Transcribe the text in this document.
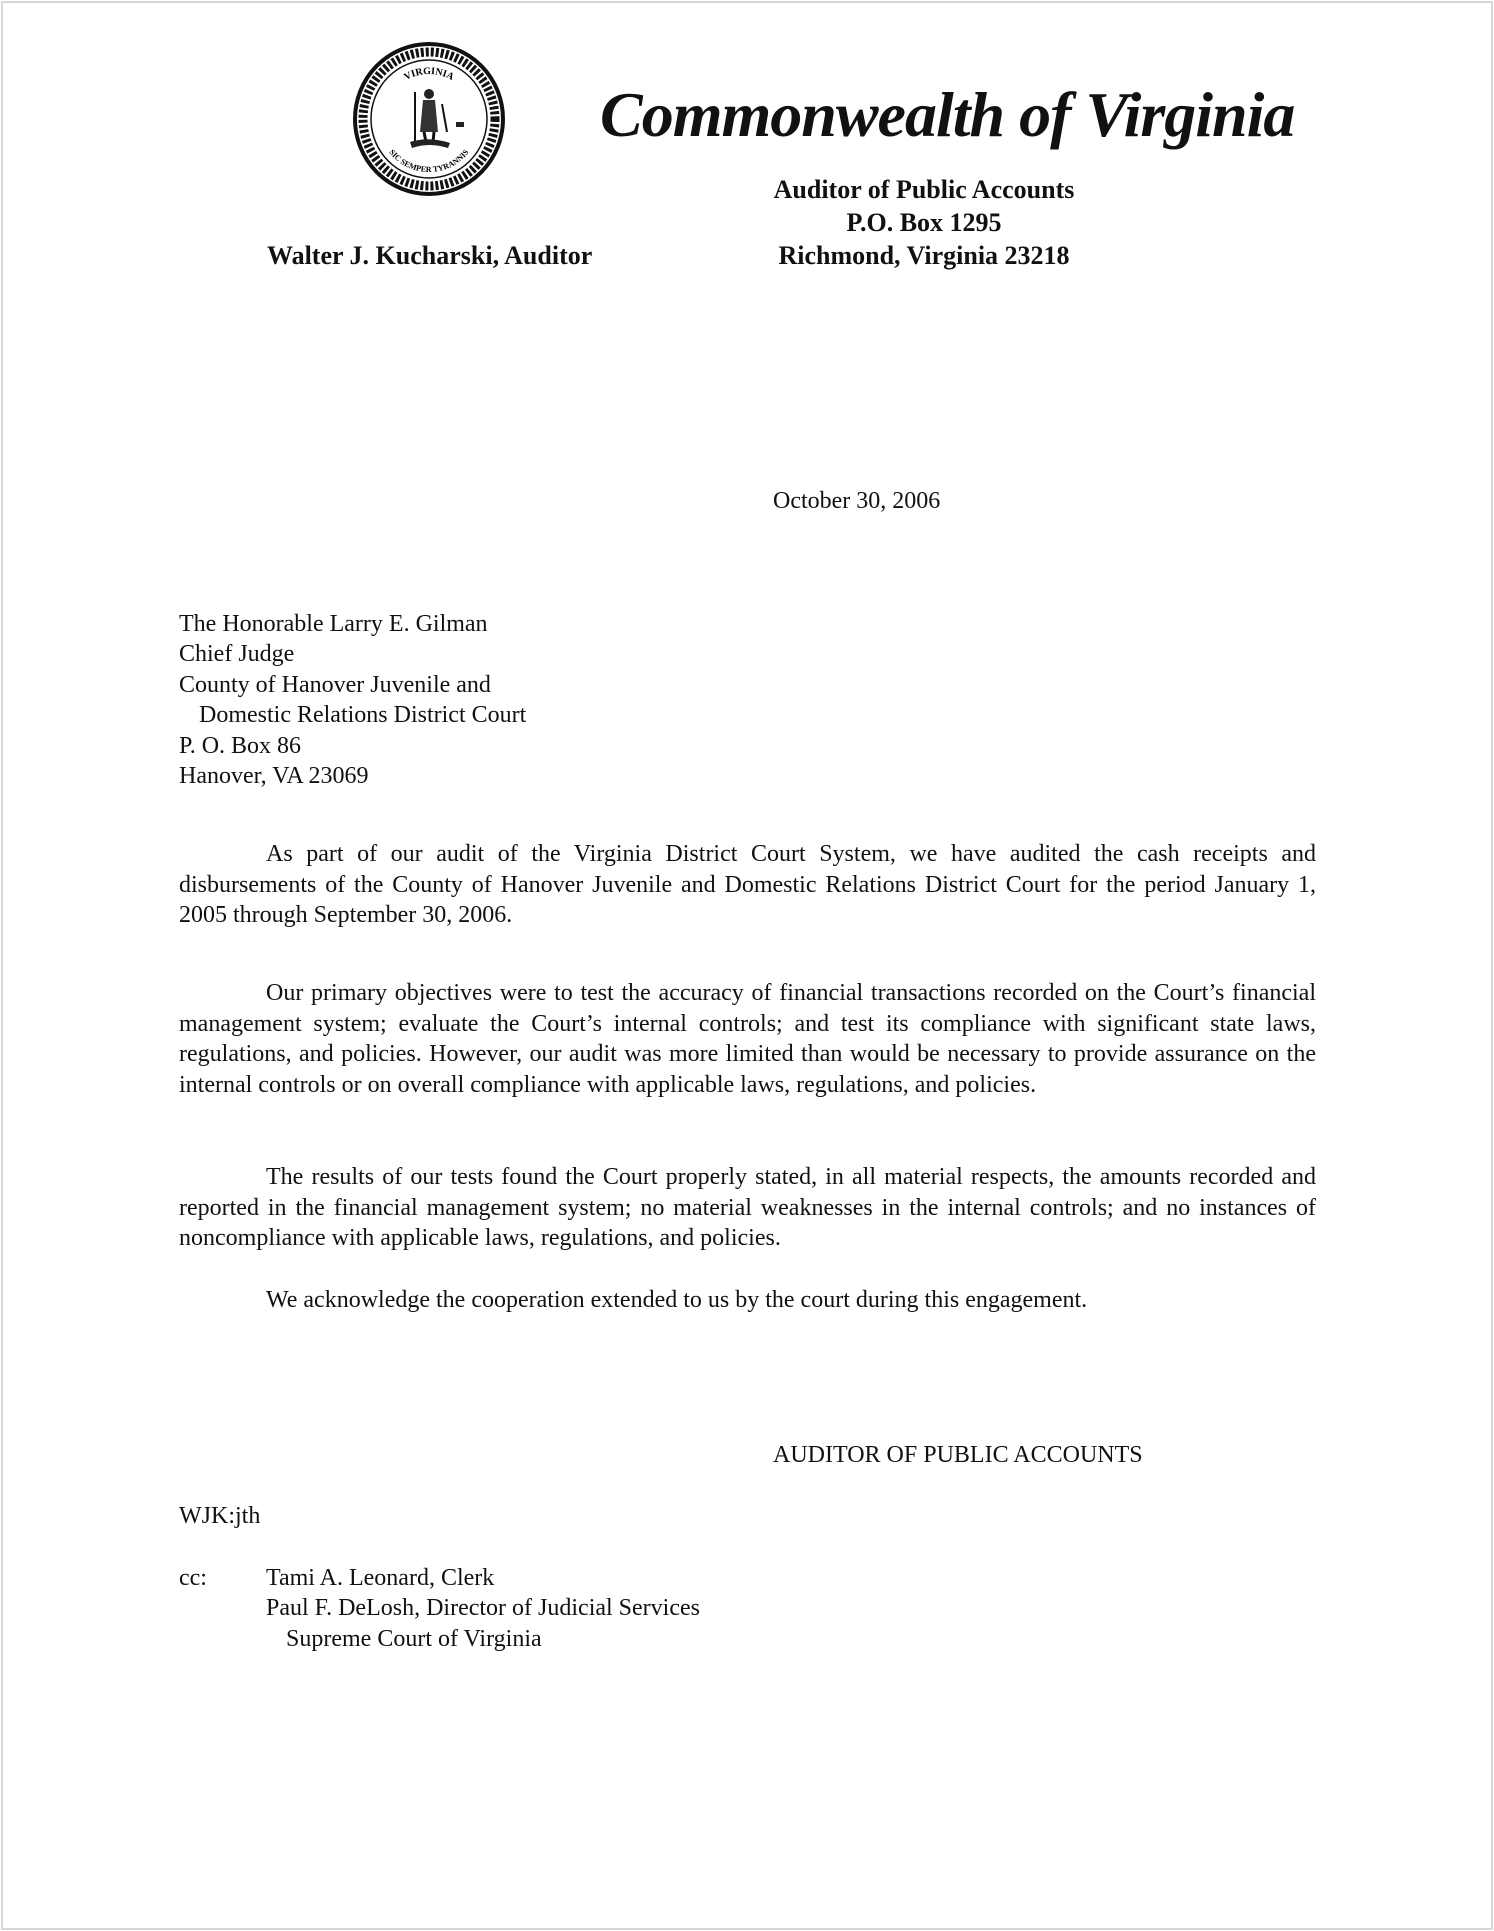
VIRGINIA
SIC SEMPER TYRANNIS
Commonwealth of Virginia
Auditor of Public Accounts
P.O. Box 1295
Richmond, Virginia 23218
Walter J. Kucharski, Auditor
October 30, 2006
The Honorable Larry E. Gilman
Chief Judge
County of Hanover Juvenile and
Domestic Relations District Court
P. O. Box 86
Hanover, VA 23069

As part of our audit of the Virginia District Court System, we have audited the cash receipts and disbursements of the County of Hanover Juvenile and Domestic Relations District Court for the period January 1, 2005 through September 30, 2006.

Our primary objectives were to test the accuracy of financial transactions recorded on the Court’s financial management system; evaluate the Court’s internal controls; and test its compliance with significant state laws, regulations, and policies. However, our audit was more limited than would be necessary to provide assurance on the internal controls or on overall compliance with applicable laws, regulations, and policies.

The results of our tests found the Court properly stated, in all material respects, the amounts recorded and reported in the financial management system; no material weaknesses in the internal controls; and no instances of noncompliance with applicable laws, regulations, and policies.

We acknowledge the cooperation extended to us by the court during this engagement.

AUDITOR OF PUBLIC ACCOUNTS
WJK:jth
cc: Tami A. Leonard, Clerk
Paul F. DeLosh, Director of Judicial Services
Supreme Court of Virginia
